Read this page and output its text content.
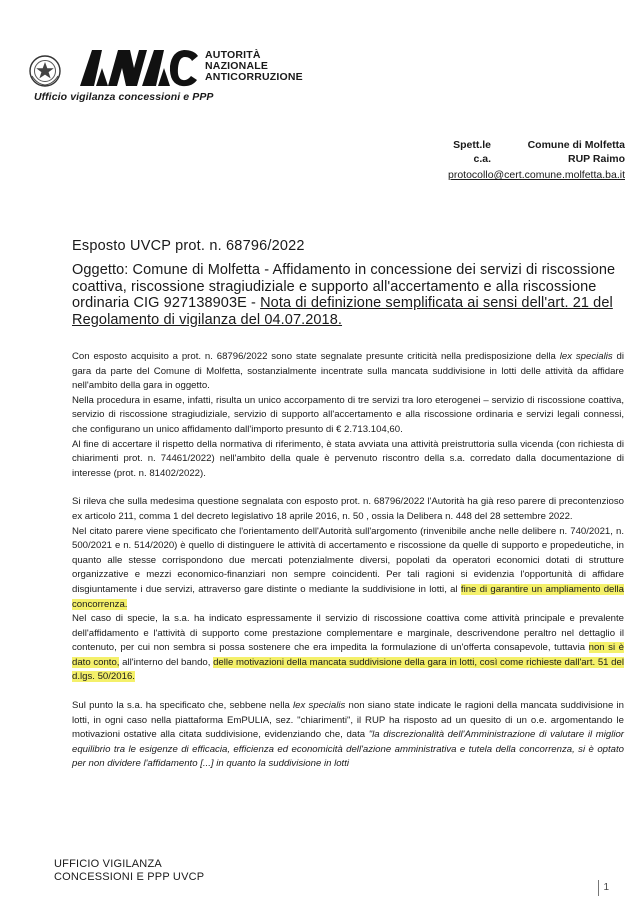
AUTORITÀ
NAZIONALE
ANTICORRUZIONE
Ufficio vigilanza concessioni e PPP
Spett.le	Comune di Molfetta
c.a.	RUP Raimo
protocollo@cert.comune.molfetta.ba.it
Esposto UVCP prot. n. 68796/2022
Oggetto: Comune di Molfetta - Affidamento in concessione dei servizi di riscossione coattiva, riscossione stragiudiziale e supporto all'accertamento e alla riscossione ordinaria CIG 927138903E - Nota di definizione semplificata ai sensi dell'art. 21 del Regolamento di vigilanza del 04.07.2018.

Con esposto acquisito a prot. n. 68796/2022 sono state segnalate presunte criticità nella predisposizione della lex specialis di gara da parte del Comune di Molfetta, sostanzialmente incentrate sulla mancata suddivisione in lotti delle attività da affidare nell'ambito della gara in oggetto.

Nella procedura in esame, infatti, risulta un unico accorpamento di tre servizi tra loro eterogenei – servizio di riscossione coattiva, servizio di riscossione stragiudiziale, servizio di supporto all'accertamento e alla riscossione ordinaria e servizi legali connessi, che configurano un unico affidamento dall'importo presunto di € 2.713.104,60.

Al fine di accertare il rispetto della normativa di riferimento, è stata avviata una attività preistruttoria sulla vicenda (con richiesta di chiarimenti prot. n. 74461/2022) nell'ambito della quale è pervenuto riscontro della s.a. corredato dalla documentazione di interesse (prot. n. 81402/2022).

Si rileva che sulla medesima questione segnalata con esposto prot. n. 68796/2022 l'Autorità ha già reso parere di precontenzioso ex articolo 211, comma 1 del decreto legislativo 18 aprile 2016, n. 50 , ossia la Delibera n. 448 del 28 settembre 2022.

Nel citato parere viene specificato che l'orientamento dell'Autorità sull'argomento (rinvenibile anche nelle delibere n. 740/2021, n. 500/2021 e n. 514/2020) è quello di distinguere le attività di accertamento e riscossione da quelle di supporto e propedeutiche, in quanto alle stesse corrispondono due mercati potenzialmente diversi, popolati da operatori economici dotati di strutture organizzative e mezzi economico-finanziari non sempre coincidenti. Per tali ragioni si evidenzia l'opportunità di affidare disgiuntamente i due servizi, attraverso gare distinte o mediante la suddivisione in lotti, al fine di garantire un ampliamento della concorrenza.

Nel caso di specie, la s.a. ha indicato espressamente il servizio di riscossione coattiva come attività principale e prevalente dell'affidamento e l'attività di supporto come prestazione complementare e marginale, descrivendone peraltro nel dettaglio il contenuto, per cui non sembra si possa sostenere che era impedita la formulazione di un'offerta consapevole, tuttavia non si è dato conto, all'interno del bando, delle motivazioni della mancata suddivisione della gara in lotti, così come richieste dall'art. 51 del d.lgs. 50/2016.

Sul punto la s.a. ha specificato che, sebbene nella lex specialis non siano state indicate le ragioni della mancata suddivisione in lotti, in ogni caso nella piattaforma EmPULIA, sez. "chiarimenti", il RUP ha risposto ad un quesito di un o.e. argomentando le motivazioni ostative alla citata suddivisione, evidenziando che, data "la discrezionalità dell'Amministrazione di valutare il miglior equilibrio tra le esigenze di efficacia, efficienza ed economicità dell'azione amministrativa e tutela della concorrenza, si è optato per non dividere l'affidamento [...] in quanto la suddivisione in lotti

UFFICIO VIGILANZA
CONCESSIONI E PPP UVCP
1
